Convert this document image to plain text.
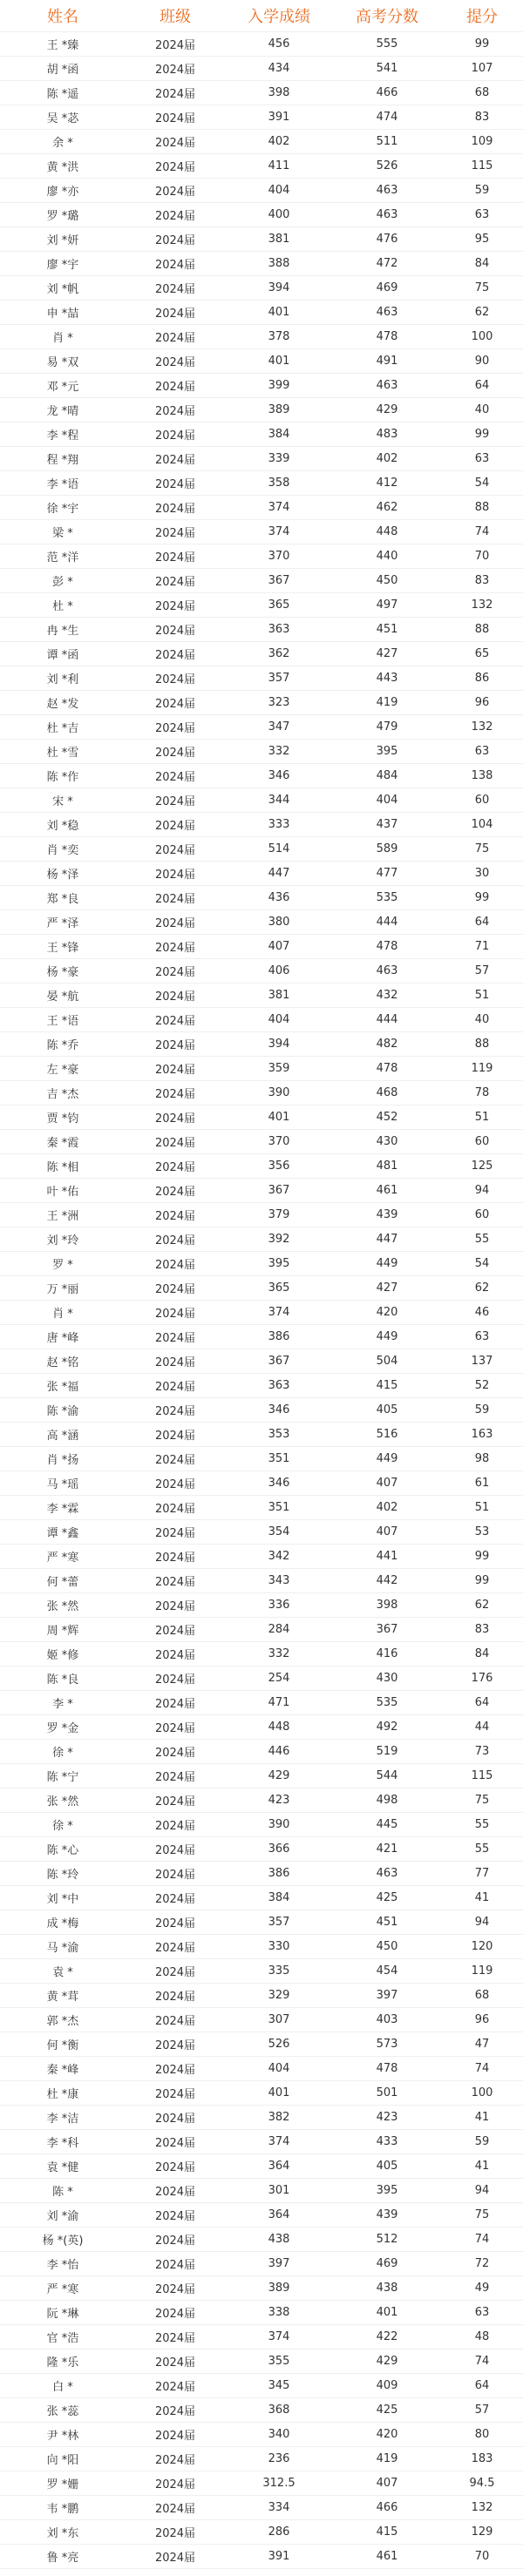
姓名	班级	入学成绩	高考分数	提分
王 *臻	2024届	456	555	99
胡 *函	2024届	434	541	107
陈 *遥	2024届	398	466	68
吴 *苾	2024届	391	474	83
余 *	2024届	402	511	109
黄 *洪	2024届	411	526	115
廖 *亦	2024届	404	463	59
罗 *璐	2024届	400	463	63
刘 *妍	2024届	381	476	95
廖 *宇	2024届	388	472	84
刘 *帆	2024届	394	469	75
申 *喆	2024届	401	463	62
肖 *	2024届	378	478	100
易 *双	2024届	401	491	90
邓 *元	2024届	399	463	64
龙 *晴	2024届	389	429	40
李 *程	2024届	384	483	99
程 *翔	2024届	339	402	63
李 *语	2024届	358	412	54
徐 *宇	2024届	374	462	88
梁 *	2024届	374	448	74
范 *洋	2024届	370	440	70
彭 *	2024届	367	450	83
杜 *	2024届	365	497	132
冉 *生	2024届	363	451	88
谭 *函	2024届	362	427	65
刘 *利	2024届	357	443	86
赵 *发	2024届	323	419	96
杜 *吉	2024届	347	479	132
杜 *雪	2024届	332	395	63
陈 *作	2024届	346	484	138
宋 *	2024届	344	404	60
刘 *稳	2024届	333	437	104
肖 *奕	2024届	514	589	75
杨 *泽	2024届	447	477	30
郑 *良	2024届	436	535	99
严 *泽	2024届	380	444	64
王 *锋	2024届	407	478	71
杨 *豪	2024届	406	463	57
晏 *航	2024届	381	432	51
王 *语	2024届	404	444	40
陈 *乔	2024届	394	482	88
左 *豪	2024届	359	478	119
吉 *杰	2024届	390	468	78
贾 *钧	2024届	401	452	51
秦 *霞	2024届	370	430	60
陈 *相	2024届	356	481	125
叶 *佑	2024届	367	461	94
王 *洲	2024届	379	439	60
刘 *玲	2024届	392	447	55
罗 *	2024届	395	449	54
万 *丽	2024届	365	427	62
肖 *	2024届	374	420	46
唐 *峰	2024届	386	449	63
赵 *铭	2024届	367	504	137
张 *福	2024届	363	415	52
陈 *渝	2024届	346	405	59
高 *涵	2024届	353	516	163
肖 *扬	2024届	351	449	98
马 *瑶	2024届	346	407	61
李 *霖	2024届	351	402	51
谭 *鑫	2024届	354	407	53
严 *寒	2024届	342	441	99
何 *蕾	2024届	343	442	99
张 *然	2024届	336	398	62
周 *辉	2024届	284	367	83
姬 *修	2024届	332	416	84
陈 *良	2024届	254	430	176
李 *	2024届	471	535	64
罗 *金	2024届	448	492	44
徐 *	2024届	446	519	73
陈 *宁	2024届	429	544	115
张 *然	2024届	423	498	75
徐 *	2024届	390	445	55
陈 *心	2024届	366	421	55
陈 *玲	2024届	386	463	77
刘 *中	2024届	384	425	41
成 *梅	2024届	357	451	94
马 *渝	2024届	330	450	120
袁 *	2024届	335	454	119
黄 *茸	2024届	329	397	68
郭 *杰	2024届	307	403	96
何 *衡	2024届	526	573	47
秦 *峰	2024届	404	478	74
杜 *康	2024届	401	501	100
李 *洁	2024届	382	423	41
李 *科	2024届	374	433	59
袁 *健	2024届	364	405	41
陈 *	2024届	301	395	94
刘 *渝	2024届	364	439	75
杨 *(英)	2024届	438	512	74
李 *怡	2024届	397	469	72
严 *寒	2024届	389	438	49
阮 *琳	2024届	338	401	63
官 *浩	2024届	374	422	48
隆 *乐	2024届	355	429	74
白 *	2024届	345	409	64
张 *蕊	2024届	368	425	57
尹 *林	2024届	340	420	80
向 *阳	2024届	236	419	183
罗 *姗	2024届	312.5	407	94.5
韦 *鹏	2024届	334	466	132
刘 *东	2024届	286	415	129
鲁 *亮	2024届	391	461	70
